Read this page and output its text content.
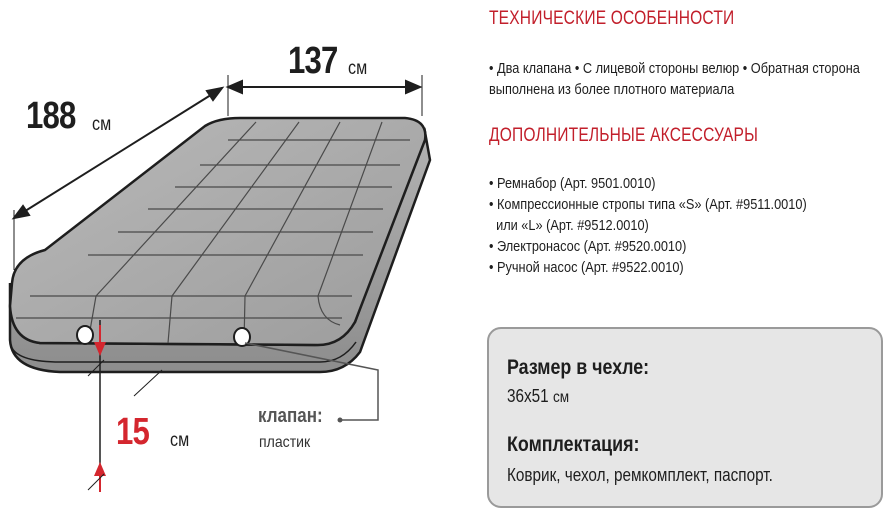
188 см
137 см
15 см
клапан:
пластик
ТЕХНИЧЕСКИЕ ОСОБЕННОСТИ
• Два клапана • С лицевой стороны велюр • Обратная сторона
выполнена из более плотного материала
ДОПОЛНИТЕЛЬНЫЕ АКСЕССУАРЫ
• Ремнабор (Арт. 9501.0010)
• Компрессионные стропы типа «S» (Арт. #9511.0010)
или «L» (Арт. #9512.0010)
• Электронасос (Арт. #9520.0010)
• Ручной насос (Арт. #9522.0010)
Размер в чехле:
36x51 см
Комплектация:
Коврик, чехол, ремкомплект, паспорт.
